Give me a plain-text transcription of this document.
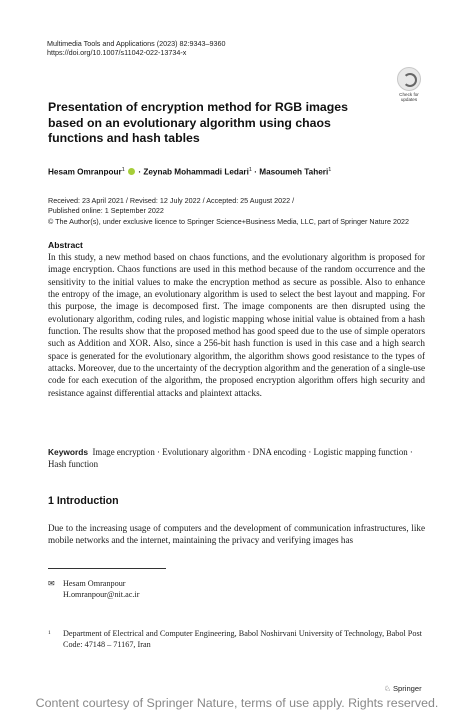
Multimedia Tools and Applications (2023) 82:9343–9360
https://doi.org/10.1007/s11042-022-13734-x
Check for updates
Presentation of encryption method for RGB images based on an evolutionary algorithm using chaos functions and hash tables
Hesam Omranpour$^1$  · Zeynab Mohammadi Ledari$^1$ · Masoumeh Taheri$^1$
Received: 23 April 2021 / Revised: 12 July 2022 / Accepted: 25 August 2022 /
Published online: 1 September 2022
© The Author(s), under exclusive licence to Springer Science+Business Media, LLC, part of Springer Nature 2022
Abstract
In this study, a new method based on chaos functions, and the evolutionary algorithm is proposed for image encryption. Chaos functions are used in this method because of the random occurrence and the sensitivity to the initial values to make the encryption method as secure as possible. Also to enhance the entropy of the image, an evolutionary algorithm is used to select the best layout and mapping. For this purpose, the image is decomposed first. The image components are then disrupted using the evolutionary algorithm, coding rules, and logistic mapping whose initial value is obtained from a hash function. The results show that the proposed method has good speed due to the use of simple operators such as Addition and XOR. Also, since a 256-bit hash function is used in this case and a high search space is generated for the evolutionary algorithm, the algorithm shows good resistance to the types of attacks. Moreover, due to the uncertainty of the decryption algorithm and the generation of a single-use code for each execution of the algorithm, the proposed encryption algorithm offers high security and resistance against differential attacks and plaintext attacks.
Keywords Image encryption · Evolutionary algorithm · DNA encoding · Logistic mapping function · Hash function
1 Introduction
Due to the increasing usage of computers and the development of communication infrastructures, like mobile networks and the internet, maintaining the privacy and verifying images has
✉ Hesam Omranpour
H.omranpour@nit.ac.ir
1	Department of Electrical and Computer Engineering, Babol Noshirvani University of Technology, Babol Post Code: 47148 – 71167, Iran
♘ Springer
Content courtesy of Springer Nature, terms of use apply. Rights reserved.
